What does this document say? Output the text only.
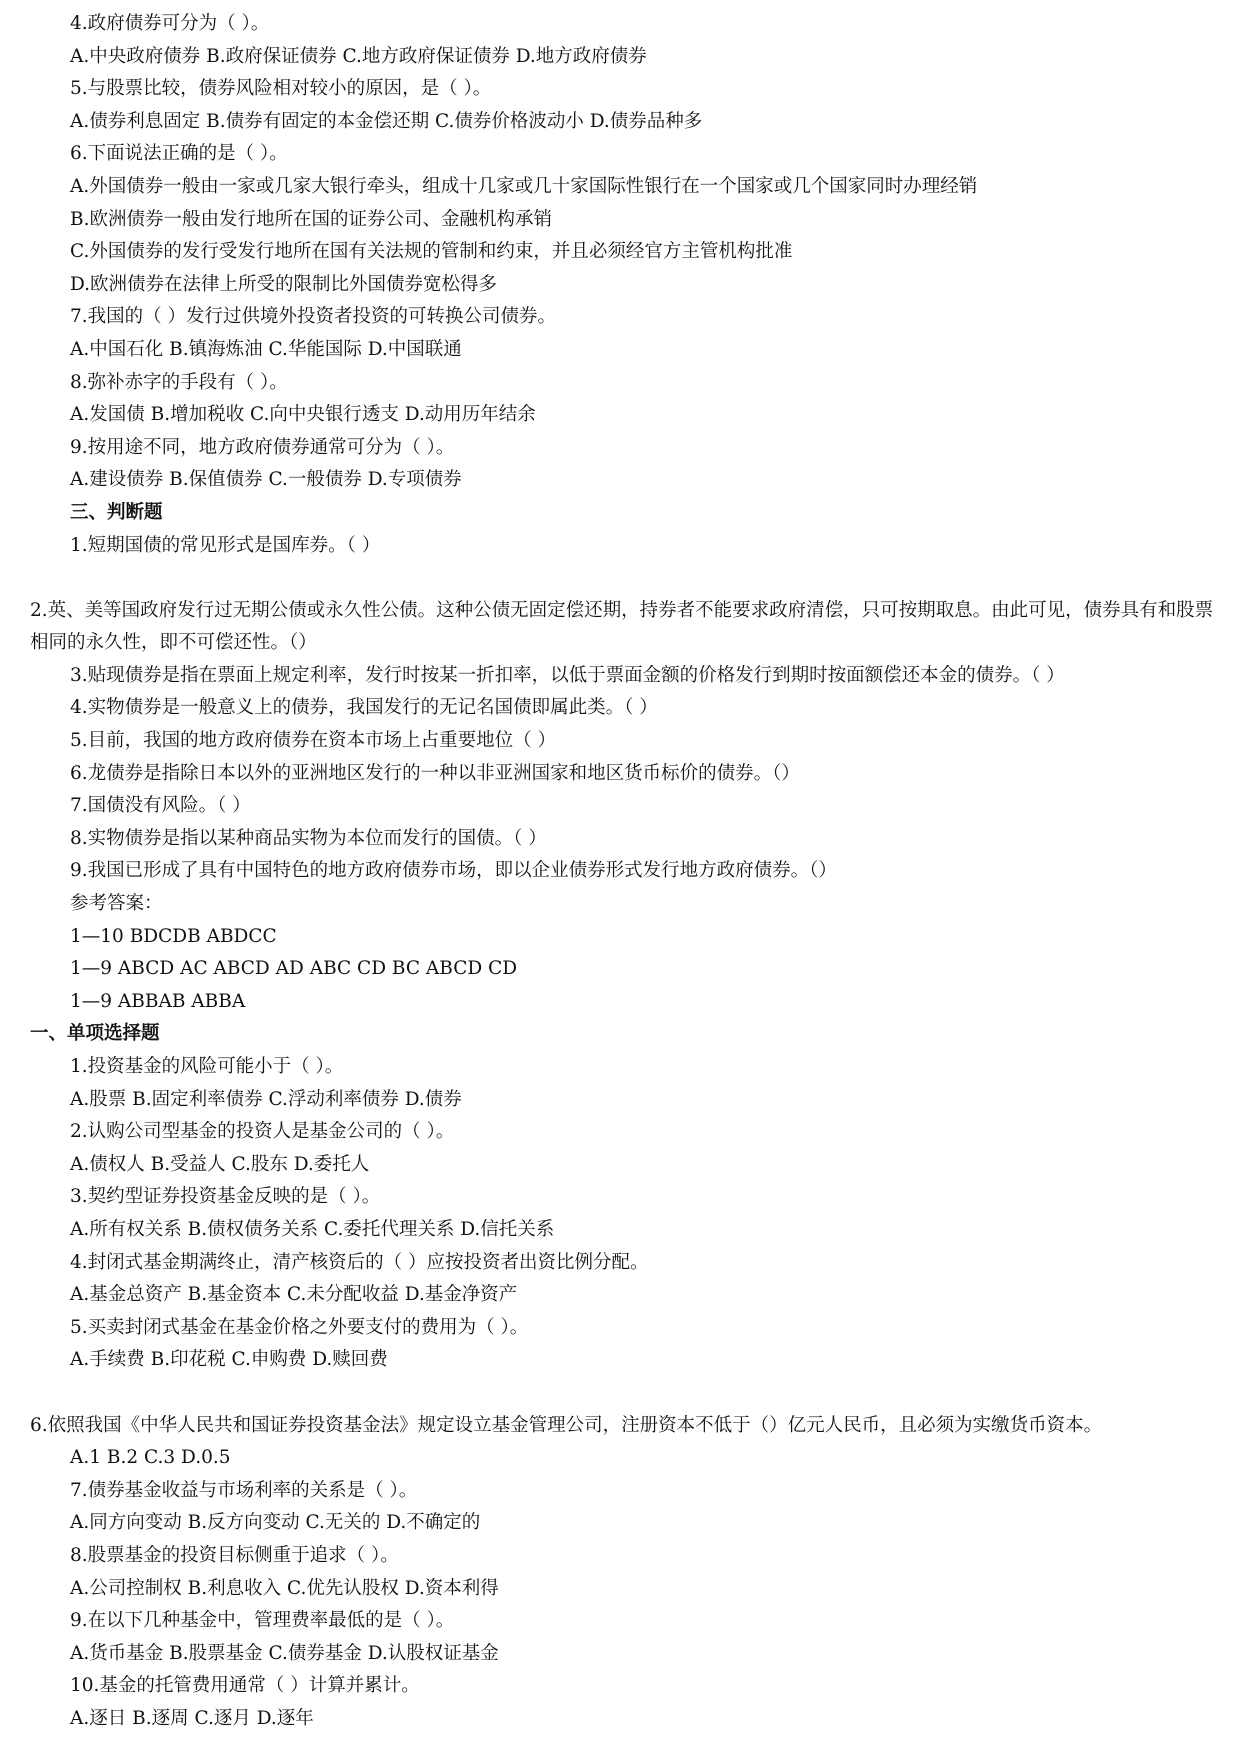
4.政府债券可分为（ ）。
A.中央政府债券 B.政府保证债券 C.地方政府保证债券 D.地方政府债券
5.与股票比较，债券风险相对较小的原因，是（ ）。
A.债券利息固定 B.债券有固定的本金偿还期 C.债券价格波动小 D.债券品种多
6.下面说法正确的是（ ）。
A.外国债券一般由一家或几家大银行牵头，组成十几家或几十家国际性银行在一个国家或几个国家同时办理经销
B.欧洲债券一般由发行地所在国的证券公司、金融机构承销
C.外国债券的发行受发行地所在国有关法规的管制和约束，并且必须经官方主管机构批准
D.欧洲债券在法律上所受的限制比外国债券宽松得多
7.我国的（ ）发行过供境外投资者投资的可转换公司债券。
A.中国石化 B.镇海炼油 C.华能国际 D.中国联通
8.弥补赤字的手段有（ ）。
A.发国债 B.增加税收 C.向中央银行透支 D.动用历年结余
9.按用途不同，地方政府债券通常可分为（ ）。
A.建设债券 B.保值债券 C.一般债券 D.专项债券
三、判断题
1.短期国债的常见形式是国库券。（ ）
2.英、美等国政府发行过无期公债或永久性公债。这种公债无固定偿还期，持券者不能要求政府清偿，只可按期取息。由此可见，债券具有和股票相同的永久性，即不可偿还性。（）
3.贴现债券是指在票面上规定利率，发行时按某一折扣率，以低于票面金额的价格发行到期时按面额偿还本金的债券。（ ）
4.实物债券是一般意义上的债券，我国发行的无记名国债即属此类。（ ）
5.目前，我国的地方政府债券在资本市场上占重要地位（ ）
6.龙债券是指除日本以外的亚洲地区发行的一种以非亚洲国家和地区货币标价的债券。（）
7.国债没有风险。（ ）
8.实物债券是指以某种商品实物为本位而发行的国债。（ ）
9.我国已形成了具有中国特色的地方政府债券市场，即以企业债券形式发行地方政府债券。（）
参考答案：
1—10 BDCDB ABDCC
1—9 ABCD AC ABCD AD ABC CD BC ABCD CD
1—9 ABBAB ABBA
一、单项选择题
1.投资基金的风险可能小于（ ）。
A.股票 B.固定利率债券 C.浮动利率债券 D.债券
2.认购公司型基金的投资人是基金公司的（ ）。
A.债权人 B.受益人 C.股东 D.委托人
3.契约型证券投资基金反映的是（ ）。
A.所有权关系 B.债权债务关系 C.委托代理关系 D.信托关系
4.封闭式基金期满终止，清产核资后的（ ）应按投资者出资比例分配。
A.基金总资产 B.基金资本 C.未分配收益 D.基金净资产
5.买卖封闭式基金在基金价格之外要支付的费用为（ ）。
A.手续费 B.印花税 C.申购费 D.赎回费
6.依照我国《中华人民共和国证券投资基金法》规定设立基金管理公司，注册资本不低于（）亿元人民币，且必须为实缴货币资本。
A.1 B.2 C.3 D.0.5
7.债券基金收益与市场利率的关系是（ ）。
A.同方向变动 B.反方向变动 C.无关的 D.不确定的
8.股票基金的投资目标侧重于追求（ ）。
A.公司控制权 B.利息收入 C.优先认股权 D.资本利得
9.在以下几种基金中，管理费率最低的是（ ）。
A.货币基金 B.股票基金 C.债券基金 D.认股权证基金
10.基金的托管费用通常（ ）计算并累计。
A.逐日 B.逐周 C.逐月 D.逐年
